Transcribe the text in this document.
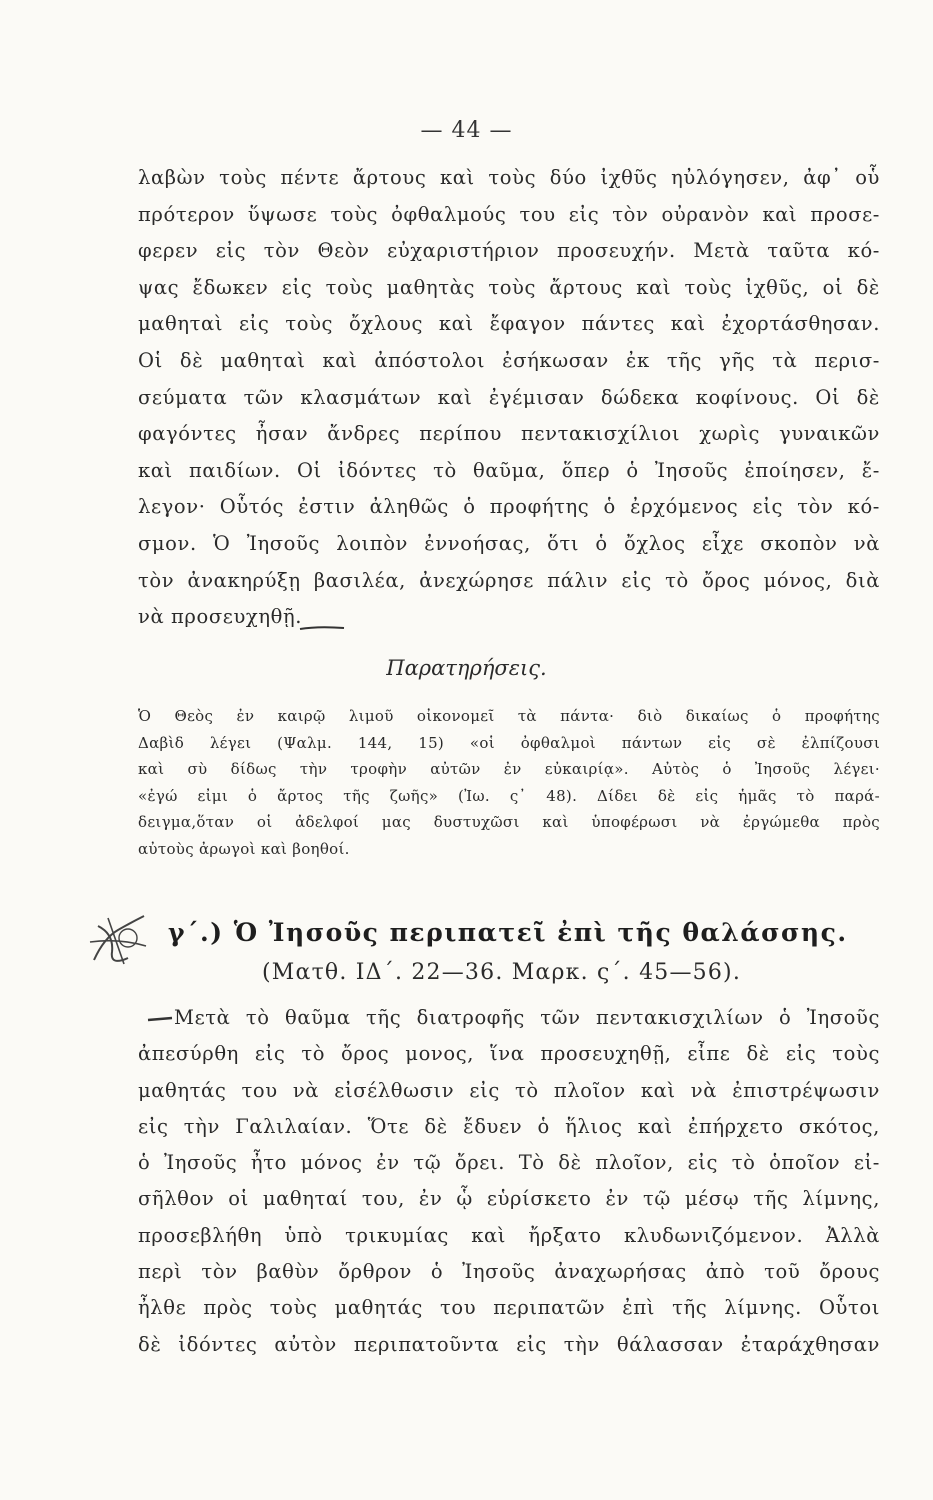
— 44 —
λαβὼν τοὺς πέντε ἄρτους καὶ τοὺς δύο ἰχθῦς ηὐλόγησεν, ἀφ᾽ οὗ
πρότερον ὕψωσε τοὺς ὀφθαλμούς του εἰς τὸν οὐρανὸν καὶ προσε-
φερεν εἰς τὸν Θεὸν εὐχαριστήριον προσευχήν. Μετὰ ταῦτα κό-
ψας ἔδωκεν εἰς τοὺς μαθητὰς τοὺς ἄρτους καὶ τοὺς ἰχθῦς, οἱ δὲ
μαθηταὶ εἰς τοὺς ὄχλους καὶ ἔφαγον πάντες καὶ ἐχορτάσθησαν.
Οἱ δὲ μαθηταὶ καὶ ἀπόστολοι ἐσήκωσαν ἐκ τῆς γῆς τὰ περισ-
σεύματα τῶν κλασμάτων καὶ ἐγέμισαν δώδεκα κοφίνους. Οἱ δὲ
φαγόντες ἦσαν ἄνδρες περίπου πεντακισχίλιοι χωρὶς γυναικῶν
καὶ παιδίων. Οἱ ἰδόντες τὸ θαῦμα, ὅπερ ὁ Ἰησοῦς ἐποίησεν, ἔ-
λεγον· Οὗτός ἐστιν ἀληθῶς ὁ προφήτης ὁ ἐρχόμενος εἰς τὸν κό-
σμον. Ὁ Ἰησοῦς λοιπὸν ἐννοήσας, ὅτι ὁ ὄχλος εἶχε σκοπὸν νὰ
τὸν ἀνακηρύξῃ βασιλέα, ἀνεχώρησε πάλιν εἰς τὸ ὄρος μόνος, διὰ
νὰ προσευχηθῇ.
Παρατηρήσεις.
Ὁ Θεὸς ἐν καιρῷ λιμοῦ οἰκονομεῖ τὰ πάντα· διὸ δικαίως ὁ προφήτης
Δαβὶδ λέγει (Ψαλμ. 144, 15) «οἱ ὀφθαλμοὶ πάντων εἰς σὲ ἐλπίζουσι
καὶ σὺ δίδως τὴν τροφὴν αὐτῶν ἐν εὐκαιρίᾳ». Αὐτὸς ὁ Ἰησοῦς λέγει·
«ἐγώ εἰμι ὁ ἄρτος τῆς ζωῆς» (Ἰω. ς᾽ 48). Δίδει δὲ εἰς ἡμᾶς τὸ παρά-
δειγμα,ὅταν οἱ ἀδελφοί μας δυστυχῶσι καὶ ὑποφέρωσι νὰ ἐργώμεθα πρὸς
αὐτοὺς ἀρωγοὶ καὶ βοηθοί.
γ΄.) Ὁ Ἰησοῦς περιπατεῖ ἐπὶ τῆς θαλάσσης.
(Ματθ. ΙΔ΄. 22—36. Μαρκ. ς΄. 45—56).
Μετὰ τὸ θαῦμα τῆς διατροφῆς τῶν πεντακισχιλίων ὁ Ἰησοῦς
ἀπεσύρθη εἰς τὸ ὄρος μονος, ἵνα προσευχηθῇ, εἶπε δὲ εἰς τοὺς
μαθητάς του νὰ εἰσέλθωσιν εἰς τὸ πλοῖον καὶ νὰ ἐπιστρέψωσιν
εἰς τὴν Γαλιλαίαν. Ὅτε δὲ ἔδυεν ὁ ἥλιος καὶ ἐπήρχετο σκότος,
ὁ Ἰησοῦς ἦτο μόνος ἐν τῷ ὄρει. Τὸ δὲ πλοῖον, εἰς τὸ ὁποῖον εἰ-
σῆλθον οἱ μαθηταί του, ἐν ᾧ εὑρίσκετο ἐν τῷ μέσῳ τῆς λίμνης,
προσεβλήθη ὑπὸ τρικυμίας καὶ ἤρξατο κλυδωνιζόμενον. Ἀλλὰ
περὶ τὸν βαθὺν ὄρθρον ὁ Ἰησοῦς ἀναχωρήσας ἀπὸ τοῦ ὄρους
ἦλθε πρὸς τοὺς μαθητάς του περιπατῶν ἐπὶ τῆς λίμνης. Οὗτοι
δὲ ἰδόντες αὐτὸν περιπατοῦντα εἰς τὴν θάλασσαν ἐταράχθησαν
